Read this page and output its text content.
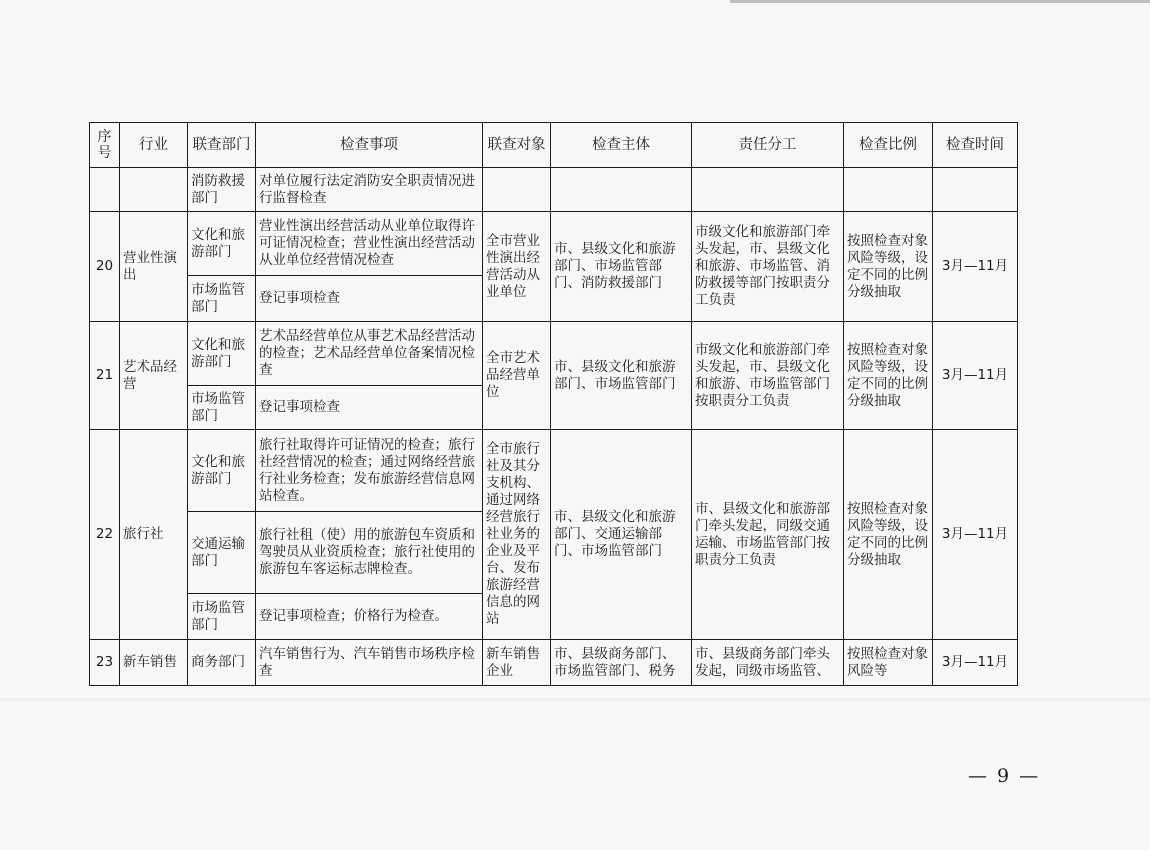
序号	行业	联查部门	检查事项	联查对象	检查主体	责任分工	检查比例	检查时间
		消防救援部门	对单位履行法定消防安全职责情况进行监督检查					
20	营业性演出	文化和旅游部门	营业性演出经营活动从业单位取得许可证情况检查；营业性演出经营活动从业单位经营情况检查	全市营业性演出经营活动从业单位	市、县级文化和旅游部门、市场监管部门、消防救援部门	市级文化和旅游部门牵头发起，市、县级文化和旅游、市场监管、消防救援等部门按职责分工负责	按照检查对象风险等级，设定不同的比例分级抽取	3月—11月
		市场监管部门	登记事项检查					
21	艺术品经营	文化和旅游部门	艺术品经营单位从事艺术品经营活动的检查；艺术品经营单位备案情况检查	全市艺术品经营单位	市、县级文化和旅游部门、市场监管部门	市级文化和旅游部门牵头发起，市、县级文化和旅游、市场监管部门按职责分工负责	按照检查对象风险等级，设定不同的比例分级抽取	3月—11月
		市场监管部门	登记事项检查					
22	旅行社	文化和旅游部门	旅行社取得许可证情况的检查；旅行社经营情况的检查；通过网络经营旅行社业务检查；发布旅游经营信息网站检查。	全市旅行社及其分支机构、通过网络经营旅行社业务的企业及平台、发布旅游经营信息的网站	市、县级文化和旅游部门、交通运输部门、市场监管部门	市、县级文化和旅游部门牵头发起，同级交通运输、市场监管部门按职责分工负责	按照检查对象风险等级，设定不同的比例分级抽取	3月—11月
		交通运输部门	旅行社租（使）用的旅游包车资质和驾驶员从业资质检查；旅行社使用的旅游包车客运标志牌检查。					
		市场监管部门	登记事项检查；价格行为检查。					
23	新车销售	商务部门	汽车销售行为、汽车销售市场秩序检查	新车销售企业	市、县级商务部门、市场监管部门、税务	市、县级商务部门牵头发起，同级市场监管、	按照检查对象风险等	3月—11月
— 9 —
